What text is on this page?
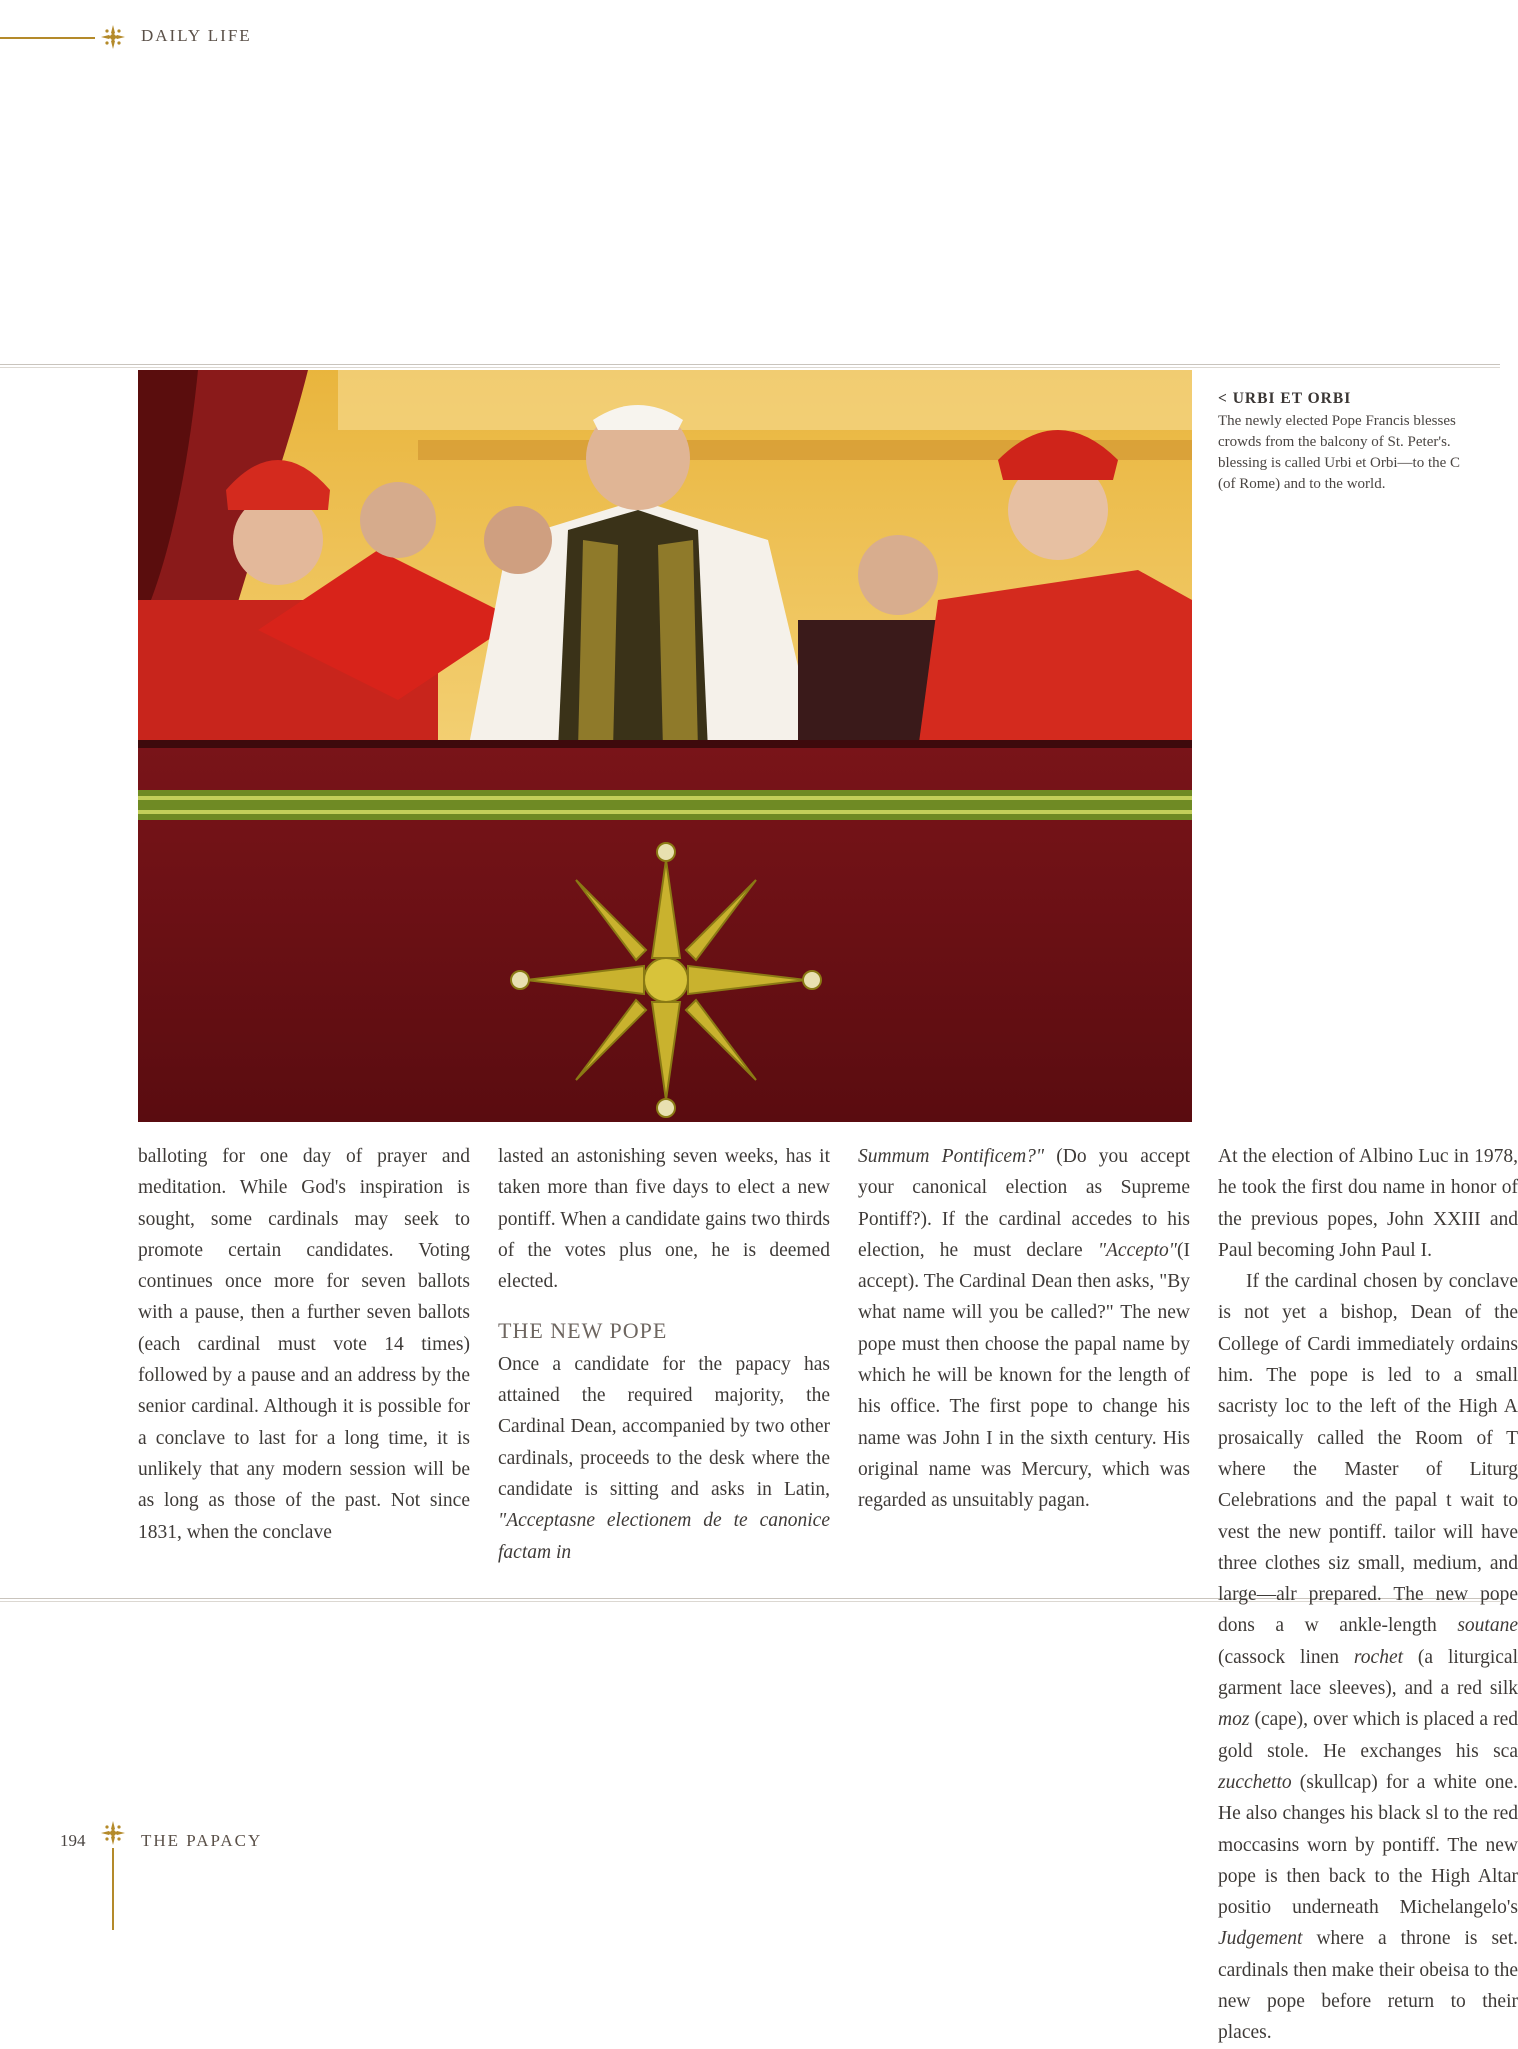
DAILY LIFE
< URBI ET ORBI
The newly elected Pope Francis blesses
crowds from the balcony of St. Peter's.
blessing is called Urbi et Orbi—to the C
(of Rome) and to the world.

balloting for one day of prayer and meditation. While God's inspiration is sought, some cardinals may seek to promote certain candidates. Voting continues once more for seven ballots with a pause, then a further seven ballots (each cardinal must vote 14 times) followed by a pause and an address by the senior cardinal. Although it is possible for a conclave to last for a long time, it is unlikely that any modern session will be as long as those of the past. Not since 1831, when the conclave

lasted an astonishing seven weeks, has it taken more than five days to elect a new pontiff. When a candidate gains two thirds of the votes plus one, he is deemed elected.

THE NEW POPE

Once a candidate for the papacy has attained the required majority, the Cardinal Dean, accompanied by two other cardinals, proceeds to the desk where the candidate is sitting and asks in Latin, "Acceptasne electionem de te canonice factam in

Summum Pontificem?" (Do you accept your canonical election as Supreme Pontiff?). If the cardinal accedes to his election, he must declare "Accepto"(I accept). The Cardinal Dean then asks, "By what name will you be called?" The new pope must then choose the papal name by which he will be known for the length of his office. The first pope to change his name was John I in the sixth century. His original name was Mercury, which was regarded as unsuitably pagan.

At the election of Albino Luc in 1978, he took the first dou name in honor of the previous popes, John XXIII and Paul becoming John Paul I.

If the cardinal chosen by conclave is not yet a bishop, Dean of the College of Cardi immediately ordains him. The pope is led to a small sacristy loc to the left of the High A prosaically called the Room of T where the Master of Liturg Celebrations and the papal t wait to vest the new pontiff. tailor will have three clothes siz small, medium, and large—alr prepared. The new pope dons a w ankle-length soutane (cassock linen rochet (a liturgical garment lace sleeves), and a red silk moz (cape), over which is placed a red gold stole. He exchanges his sca zucchetto (skullcap) for a white one. He also changes his black sl to the red moccasins worn by pontiff. The new pope is then back to the High Altar positio underneath Michelangelo's Judgement where a throne is set. cardinals then make their obeisa to the new pope before return to their places.

194	THE PAPACY
